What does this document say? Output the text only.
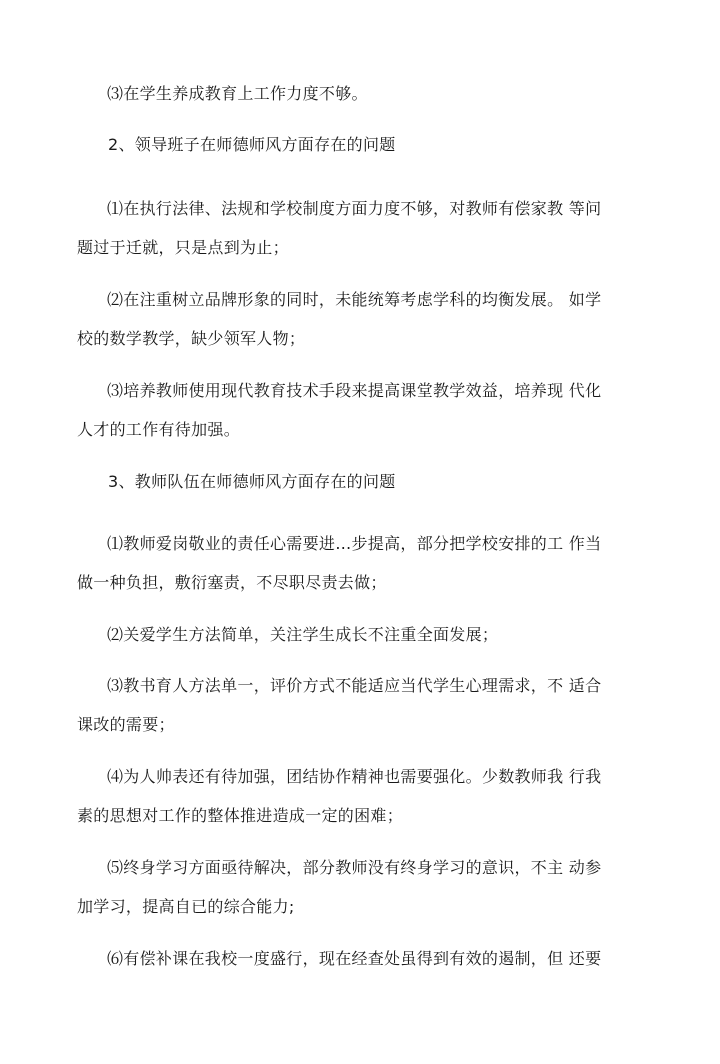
⑶在学生养成教育上工作力度不够。
2、领导班子在师德师风方面存在的问题
⑴在执行法律、法规和学校制度方面力度不够，对教师有偿家教 等问
题过于迁就，只是点到为止；
⑵在注重树立品牌形象的同时，未能统筹考虑学科的均衡发展。 如学
校的数学教学，缺少领军人物；
⑶培养教师使用现代教育技术手段来提高课堂教学效益，培养现 代化
人才的工作有待加强。
3、教师队伍在师德师风方面存在的问题
⑴教师爱岗敬业的责任心需要进…步提高，部分把学校安排的工 作当
做一种负担，敷衍塞责，不尽职尽责去做；
⑵关爱学生方法简单，关注学生成长不注重全面发展；
⑶教书育人方法单一，评价方式不能适应当代学生心理需求，不 适合
课改的需要；
⑷为人帅表还有待加强，团结协作精神也需要强化。少数教师我 行我
素的思想对工作的整体推进造成一定的困难；
⑸终身学习方面亟待解决，部分教师没有终身学习的意识，不主 动参
加学习，提高自已的综合能力;
⑹有偿补课在我校一度盛行，现在经查处虽得到有效的遏制，但 还要
